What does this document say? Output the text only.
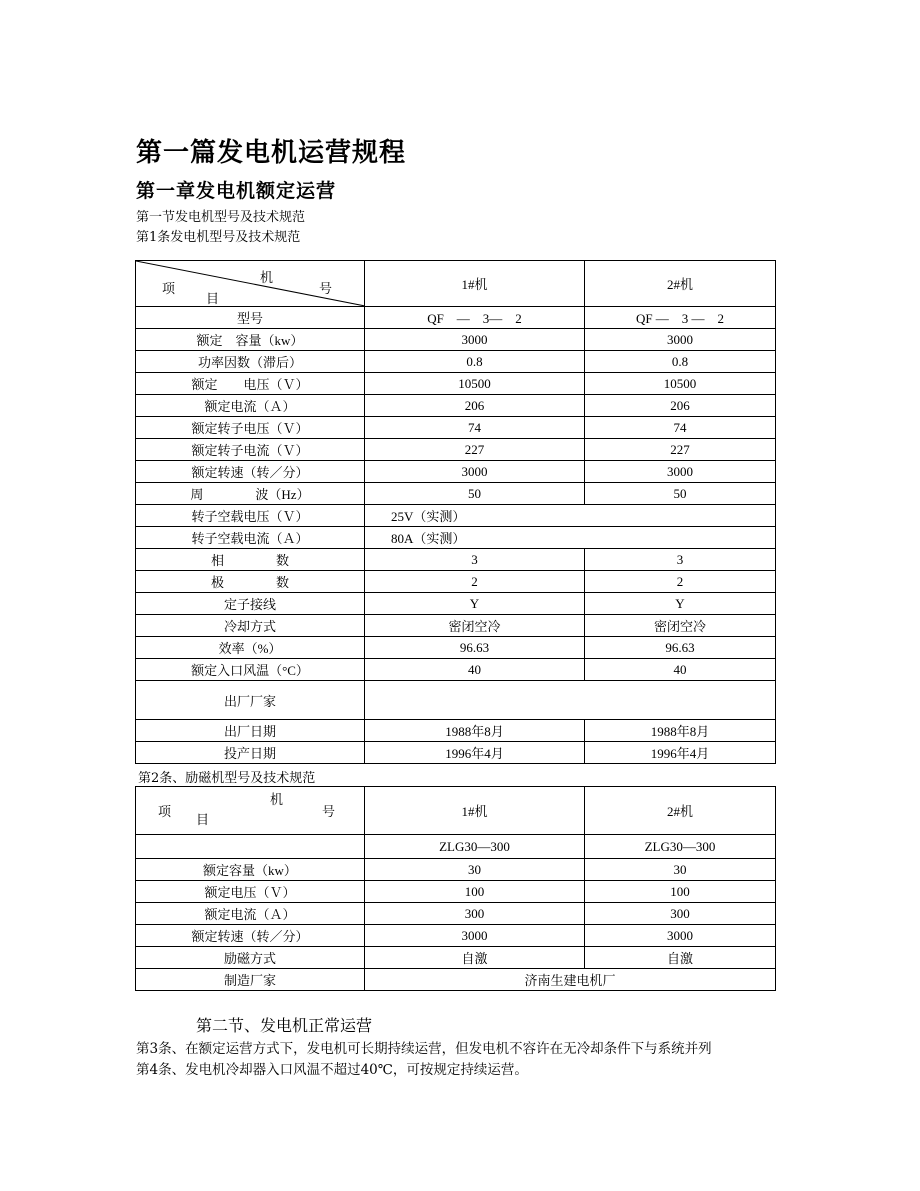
第一篇发电机运营规程
第一章发电机额定运营
第一节发电机型号及技术规范
第1条发电机型号及技术规范
机
号
项
目	1#机	2#机
型号	QF　—　3—　2	QF —　3 —　2
额定　容量（kw）	3000	3000
功率因数（滞后）	0.8	0.8
额定　　电压（Ｖ）	10500	10500
额定电流（Ａ）	206	206
额定转子电压（Ｖ）	74	74
额定转子电流（Ｖ）	227	227
额定转速（转／分）	3000	3000
周　　　　波（Hz）	50	50
转子空载电压（Ｖ）	25V（实测）	
转子空载电流（Ａ）	80A（实测）	
相　　　　数	3	3
极　　　　数	2	2
定子接线	Y	Y
冷却方式	密闭空冷	密闭空冷
效率（%）	96.63	96.63
额定入口风温（°C）	40	40
出厂厂家		
出厂日期	1988年8月	1988年8月
投产日期	1996年4月	1996年4月
第2条、励磁机型号及技术规范
机
号
项
目	1#机	2#机
	ZLG30—300	ZLG30—300
额定容量（kw）	30	30
额定电压（Ｖ）	100	100
额定电流（Ａ）	300	300
额定转速（转／分）	3000	3000
励磁方式	自激	自激
制造厂家	济南生建电机厂	
第二节、发电机正常运营
第3条、在额定运营方式下，发电机可长期持续运营，但发电机不容许在无冷却条件下与系统并列
第4条、发电机冷却器入口风温不超过40℃，可按规定持续运营。
